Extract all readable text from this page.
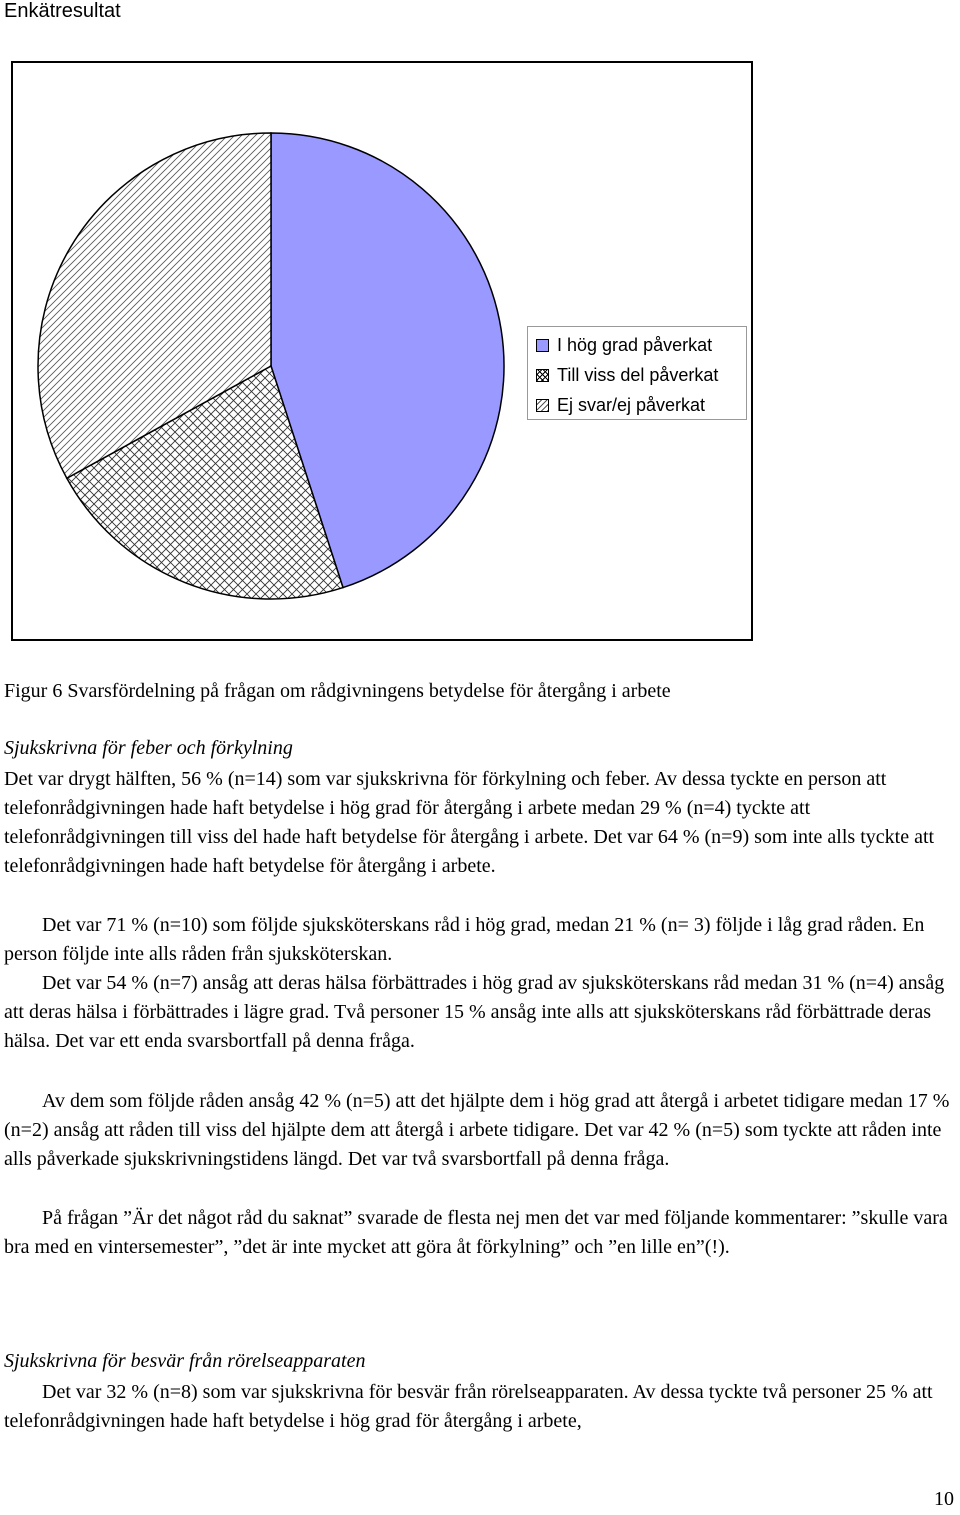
Enkätresultat
I hög grad påverkat
Till viss del påverkat
Ej svar/ej påverkat
Figur 6 Svarsfördelning på frågan om rådgivningens betydelse för återgång i arbete
Sjukskrivna för feber och förkylning

Det var drygt hälften, 56 % (n=14) som var sjukskrivna för förkylning och feber. Av dessa tyckte en person att telefonrådgivningen hade haft betydelse i hög grad för återgång i arbete medan 29 % (n=4) tyckte att telefonrådgivningen till viss del hade haft betydelse för återgång i arbete. Det var 64 % (n=9) som inte alls tyckte att telefonrådgivningen hade haft betydelse för återgång i arbete.

Det var 71 % (n=10) som följde sjuksköterskans råd i hög grad, medan 21 % (n= 3) följde i låg grad råden. En person följde inte alls råden från sjuksköterskan.

Det var 54 % (n=7) ansåg att deras hälsa förbättrades i hög grad av sjuksköterskans råd medan 31 % (n=4) ansåg att deras hälsa i förbättrades i lägre grad. Två personer 15 % ansåg inte alls att sjuksköterskans råd förbättrade deras hälsa. Det var ett enda svarsbortfall på denna fråga.

Av dem som följde råden ansåg 42 % (n=5) att det hjälpte dem i hög grad att återgå i arbetet tidigare medan 17 % (n=2) ansåg att råden till viss del hjälpte dem att återgå i arbete tidigare. Det var 42 % (n=5) som tyckte att råden inte alls påverkade sjukskrivningstidens längd. Det var två svarsbortfall på denna fråga.

På frågan ”Är det något råd du saknat” svarade de flesta nej men det var med följande kommentarer: ”skulle vara bra med en vintersemester”, ”det är inte mycket att göra åt förkylning” och ”en lille en”(!).

Sjukskrivna för besvär från rörelseapparaten

Det var 32 % (n=8) som var sjukskrivna för besvär från rörelseapparaten. Av dessa tyckte två personer 25 % att telefonrådgivningen hade haft betydelse i hög grad för återgång i arbete,

10
